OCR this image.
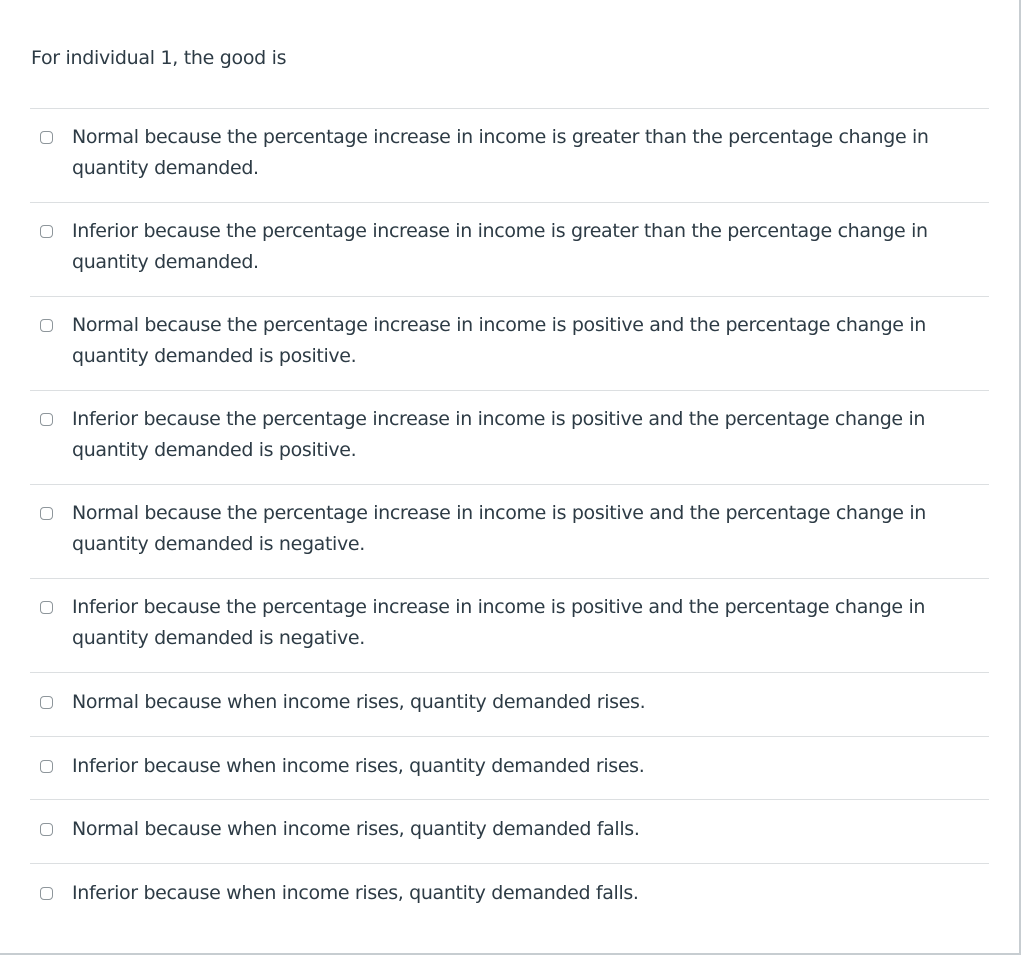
For individual 1, the good is
Normal because the percentage increase in income is greater than the percentage change in quantity demanded.
Inferior because the percentage increase in income is greater than the percentage change in quantity demanded.
Normal because the percentage increase in income is positive and the percentage change in quantity demanded is positive.
Inferior because the percentage increase in income is positive and the percentage change in quantity demanded is positive.
Normal because the percentage increase in income is positive and the percentage change in quantity demanded is negative.
Inferior because the percentage increase in income is positive and the percentage change in quantity demanded is negative.
Normal because when income rises, quantity demanded rises.
Inferior because when income rises, quantity demanded rises.
Normal because when income rises, quantity demanded falls.
Inferior because when income rises, quantity demanded falls.
